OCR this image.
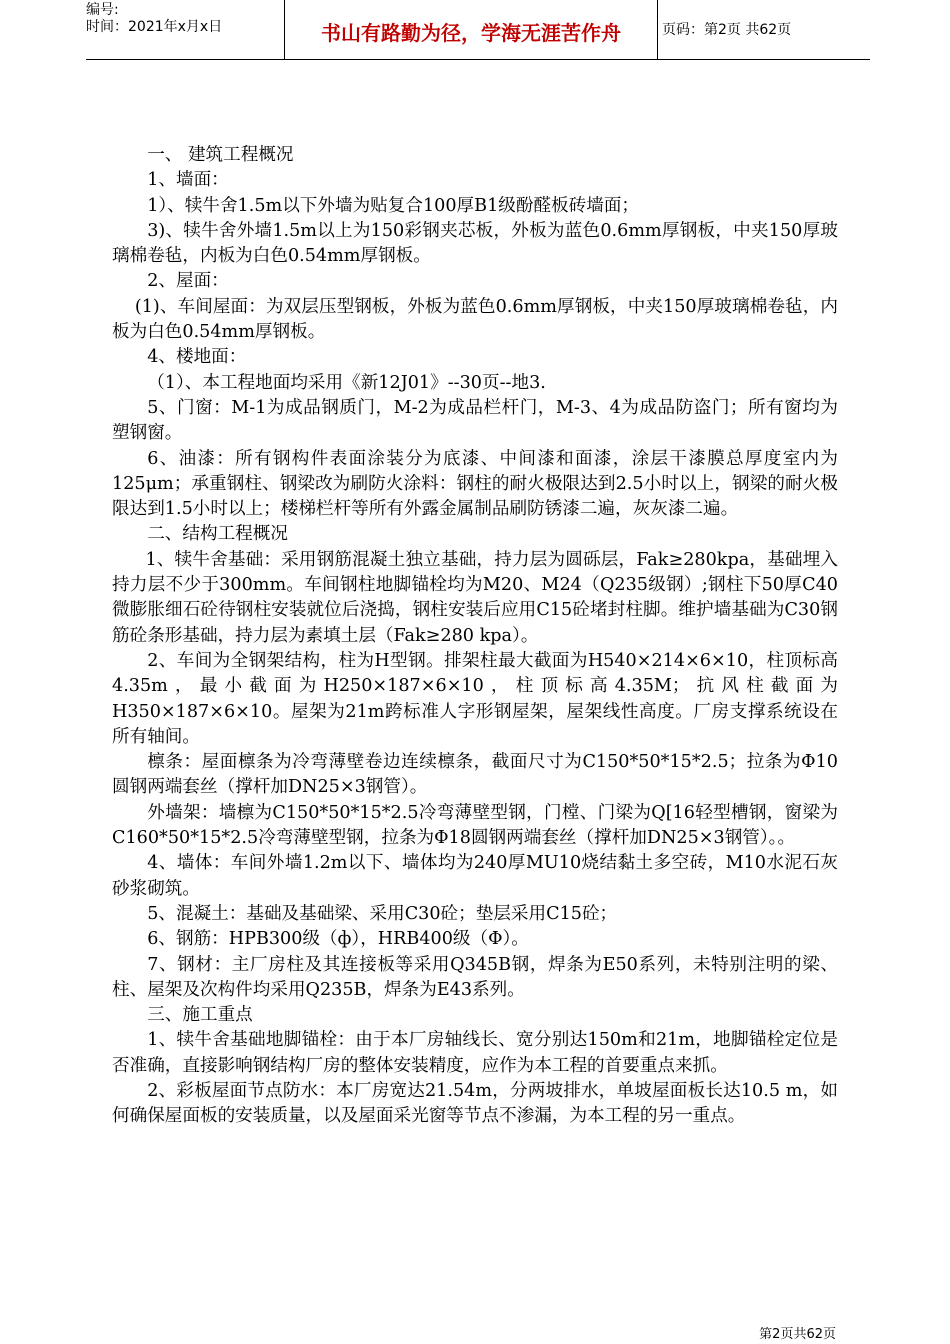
编号:
时间：2021年x月x日	书山有路勤为径，学海无涯苦作舟	页码：第2页 共62页

一、 建筑工程概况

1、墙面：

1）、犊牛舍1.5m以下外墙为贴复合100厚B1级酚醛板砖墙面；

3)、犊牛舍外墙1.5m以上为150彩钢夹芯板，外板为蓝色0.6mm厚钢板，中夹150厚玻璃棉卷毡，内板为白色0.54mm厚钢板。

2、屋面：

(1)、车间屋面：为双层压型钢板，外板为蓝色0.6mm厚钢板，中夹150厚玻璃棉卷毡，内板为白色0.54mm厚钢板。

4、楼地面：

（1）、本工程地面均采用《新12J01》--30页--地3.

5、门窗：M-1为成品钢质门，M-2为成品栏杆门，M-3、4为成品防盗门；所有窗均为塑钢窗。

6、油漆：所有钢构件表面涂装分为底漆、中间漆和面漆，涂层干漆膜总厚度室内为125μm；承重钢柱、钢梁改为刷防火涂料：钢柱的耐火极限达到2.5小时以上，钢梁的耐火极限达到1.5小时以上；楼梯栏杆等所有外露金属制品刷防锈漆二遍，灰灰漆二遍。

二、结构工程概况

1、犊牛舍基础：采用钢筋混凝土独立基础，持力层为圆砾层，Fak≥280kpa，基础埋入持力层不少于300mm。车间钢柱地脚锚栓均为M20、M24（Q235级钢）;钢柱下50厚C40微膨胀细石砼待钢柱安装就位后浇捣，钢柱安装后应用C15砼堵封柱脚。维护墙基础为C30钢筋砼条形基础，持力层为素填土层（Fak≥280 kpa）。

2、车间为全钢架结构，柱为H型钢。排架柱最大截面为H540×214×6×10，柱顶标高4.35m，最小截面为H250×187×6×10，柱顶标高4.35M；抗风柱截面为H350×187×6×10。屋架为21m跨标准人字形钢屋架，屋架线性高度。厂房支撑系统设在所有轴间。

檩条：屋面檩条为冷弯薄壁卷边连续檩条，截面尺寸为C150*50*15*2.5；拉条为Φ10圆钢两端套丝（撑杆加DN25×3钢管）。

外墙架：墙檩为C150*50*15*2.5冷弯薄壁型钢，门樘、门梁为Q[16轻型槽钢，窗梁为C160*50*15*2.5冷弯薄壁型钢，拉条为Φ18圆钢两端套丝（撑杆加DN25×3钢管）。。

4、墙体：车间外墙1.2m以下、墙体均为240厚MU10烧结黏土多空砖，M10水泥石灰砂浆砌筑。

5、混凝土：基础及基础梁、采用C30砼；垫层采用C15砼；

6、钢筋：HPB300级（ф），HRB400级（Φ）。

7、钢材：主厂房柱及其连接板等采用Q345B钢，焊条为E50系列，未特别注明的梁、柱、屋架及次构件均采用Q235B，焊条为E43系列。

三、施工重点

1、犊牛舍基础地脚锚栓：由于本厂房轴线长、宽分别达150m和21m，地脚锚栓定位是否准确，直接影响钢结构厂房的整体安装精度，应作为本工程的首要重点来抓。

2、彩板屋面节点防水：本厂房宽达21.54m，分两坡排水，单坡屋面板长达10.5 m，如何确保屋面板的安装质量，以及屋面采光窗等节点不渗漏，为本工程的另一重点。

第2页共62页
